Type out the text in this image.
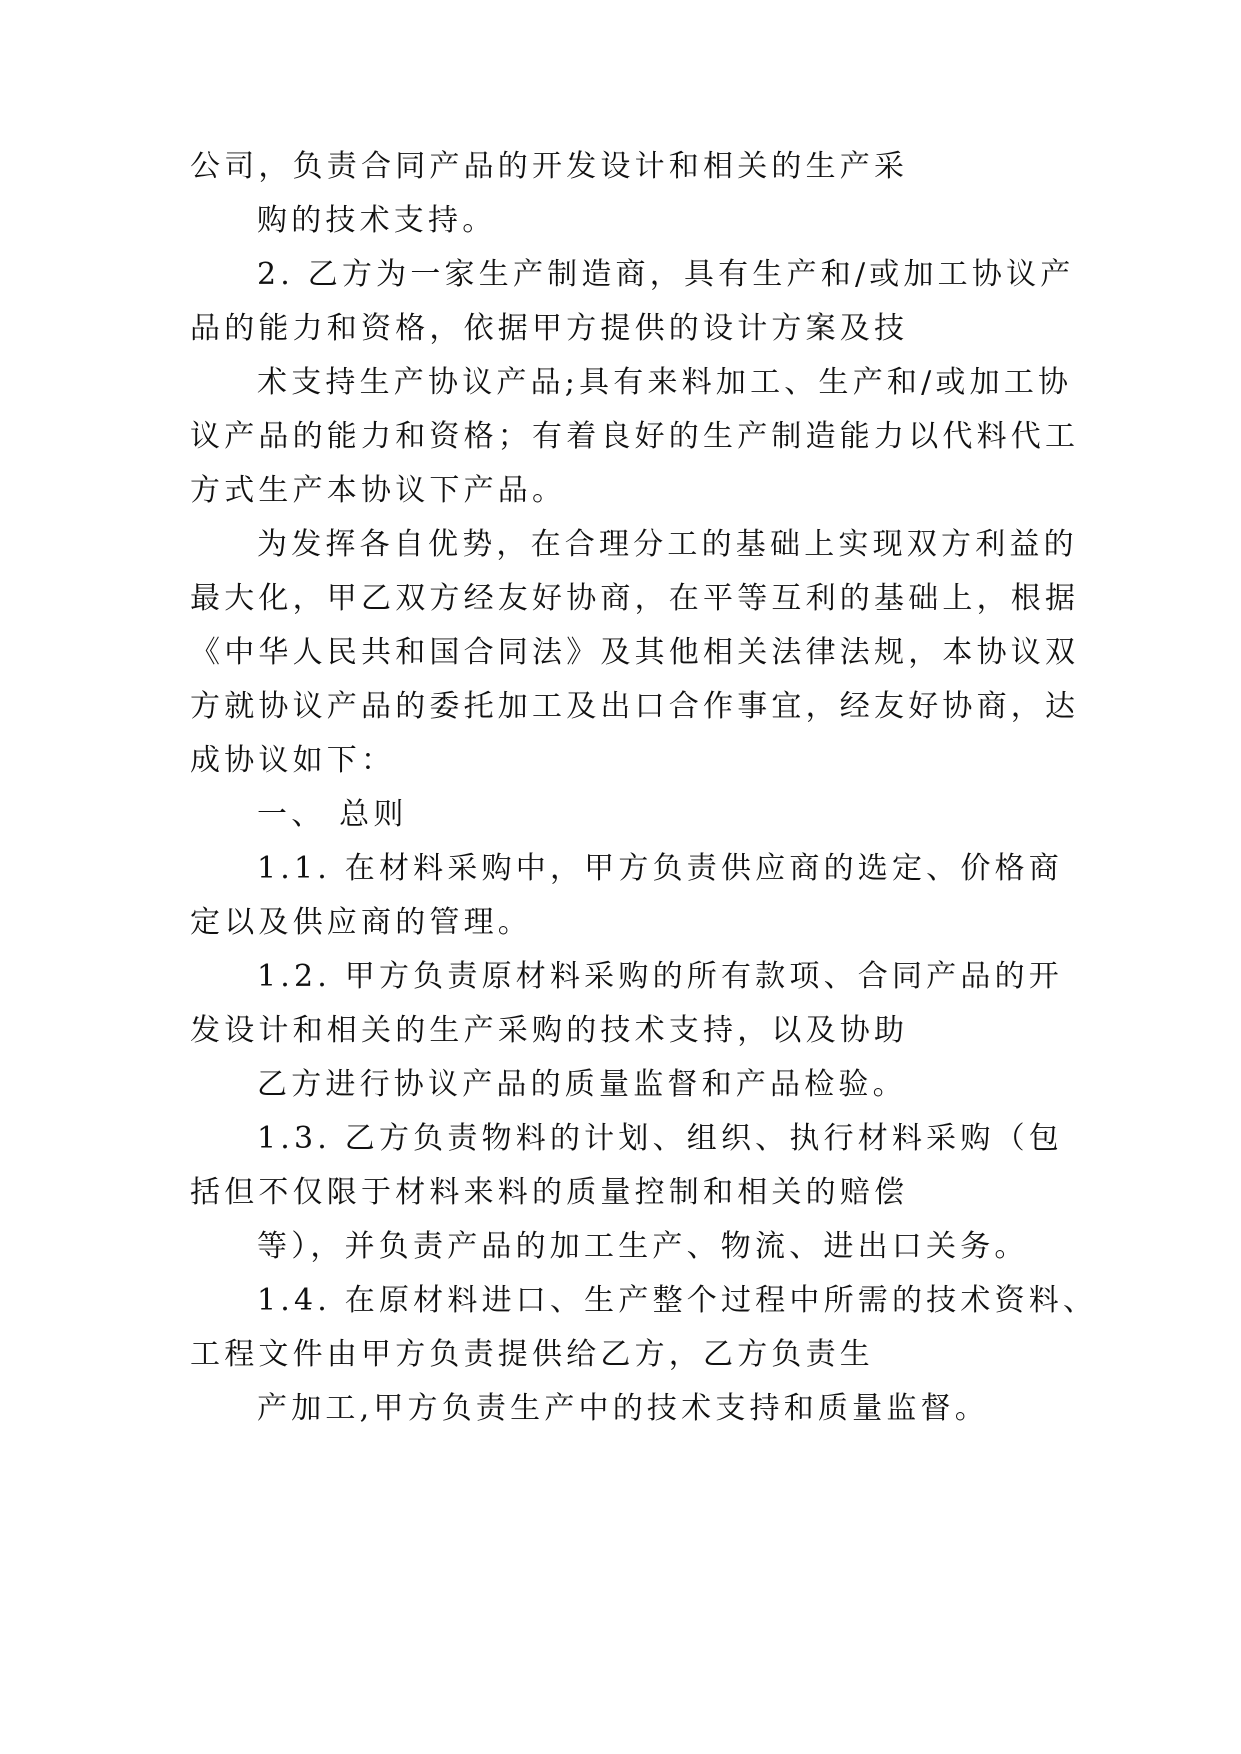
公司，负责合同产品的开发设计和相关的生产采
购的技术支持。
2. 乙方为一家生产制造商，具有生产和/或加工协议产
品的能力和资格，依据甲方提供的设计方案及技
术支持生产协议产品;具有来料加工、生产和/或加工协
议产品的能力和资格；有着良好的生产制造能力以代料代工
方式生产本协议下产品。
为发挥各自优势，在合理分工的基础上实现双方利益的
最大化，甲乙双方经友好协商，在平等互利的基础上，根据
《中华人民共和国合同法》及其他相关法律法规，本协议双
方就协议产品的委托加工及出口合作事宜，经友好协商，达
成协议如下：
一、 总则
1.1. 在材料采购中，甲方负责供应商的选定、价格商
定以及供应商的管理。
1.2. 甲方负责原材料采购的所有款项、合同产品的开
发设计和相关的生产采购的技术支持，以及协助
乙方进行协议产品的质量监督和产品检验。
1.3. 乙方负责物料的计划、组织、执行材料采购（包
括但不仅限于材料来料的质量控制和相关的赔偿
等），并负责产品的加工生产、物流、进出口关务。
1.4. 在原材料进口、生产整个过程中所需的技术资料、
工程文件由甲方负责提供给乙方，乙方负责生
产加工,甲方负责生产中的技术支持和质量监督。
